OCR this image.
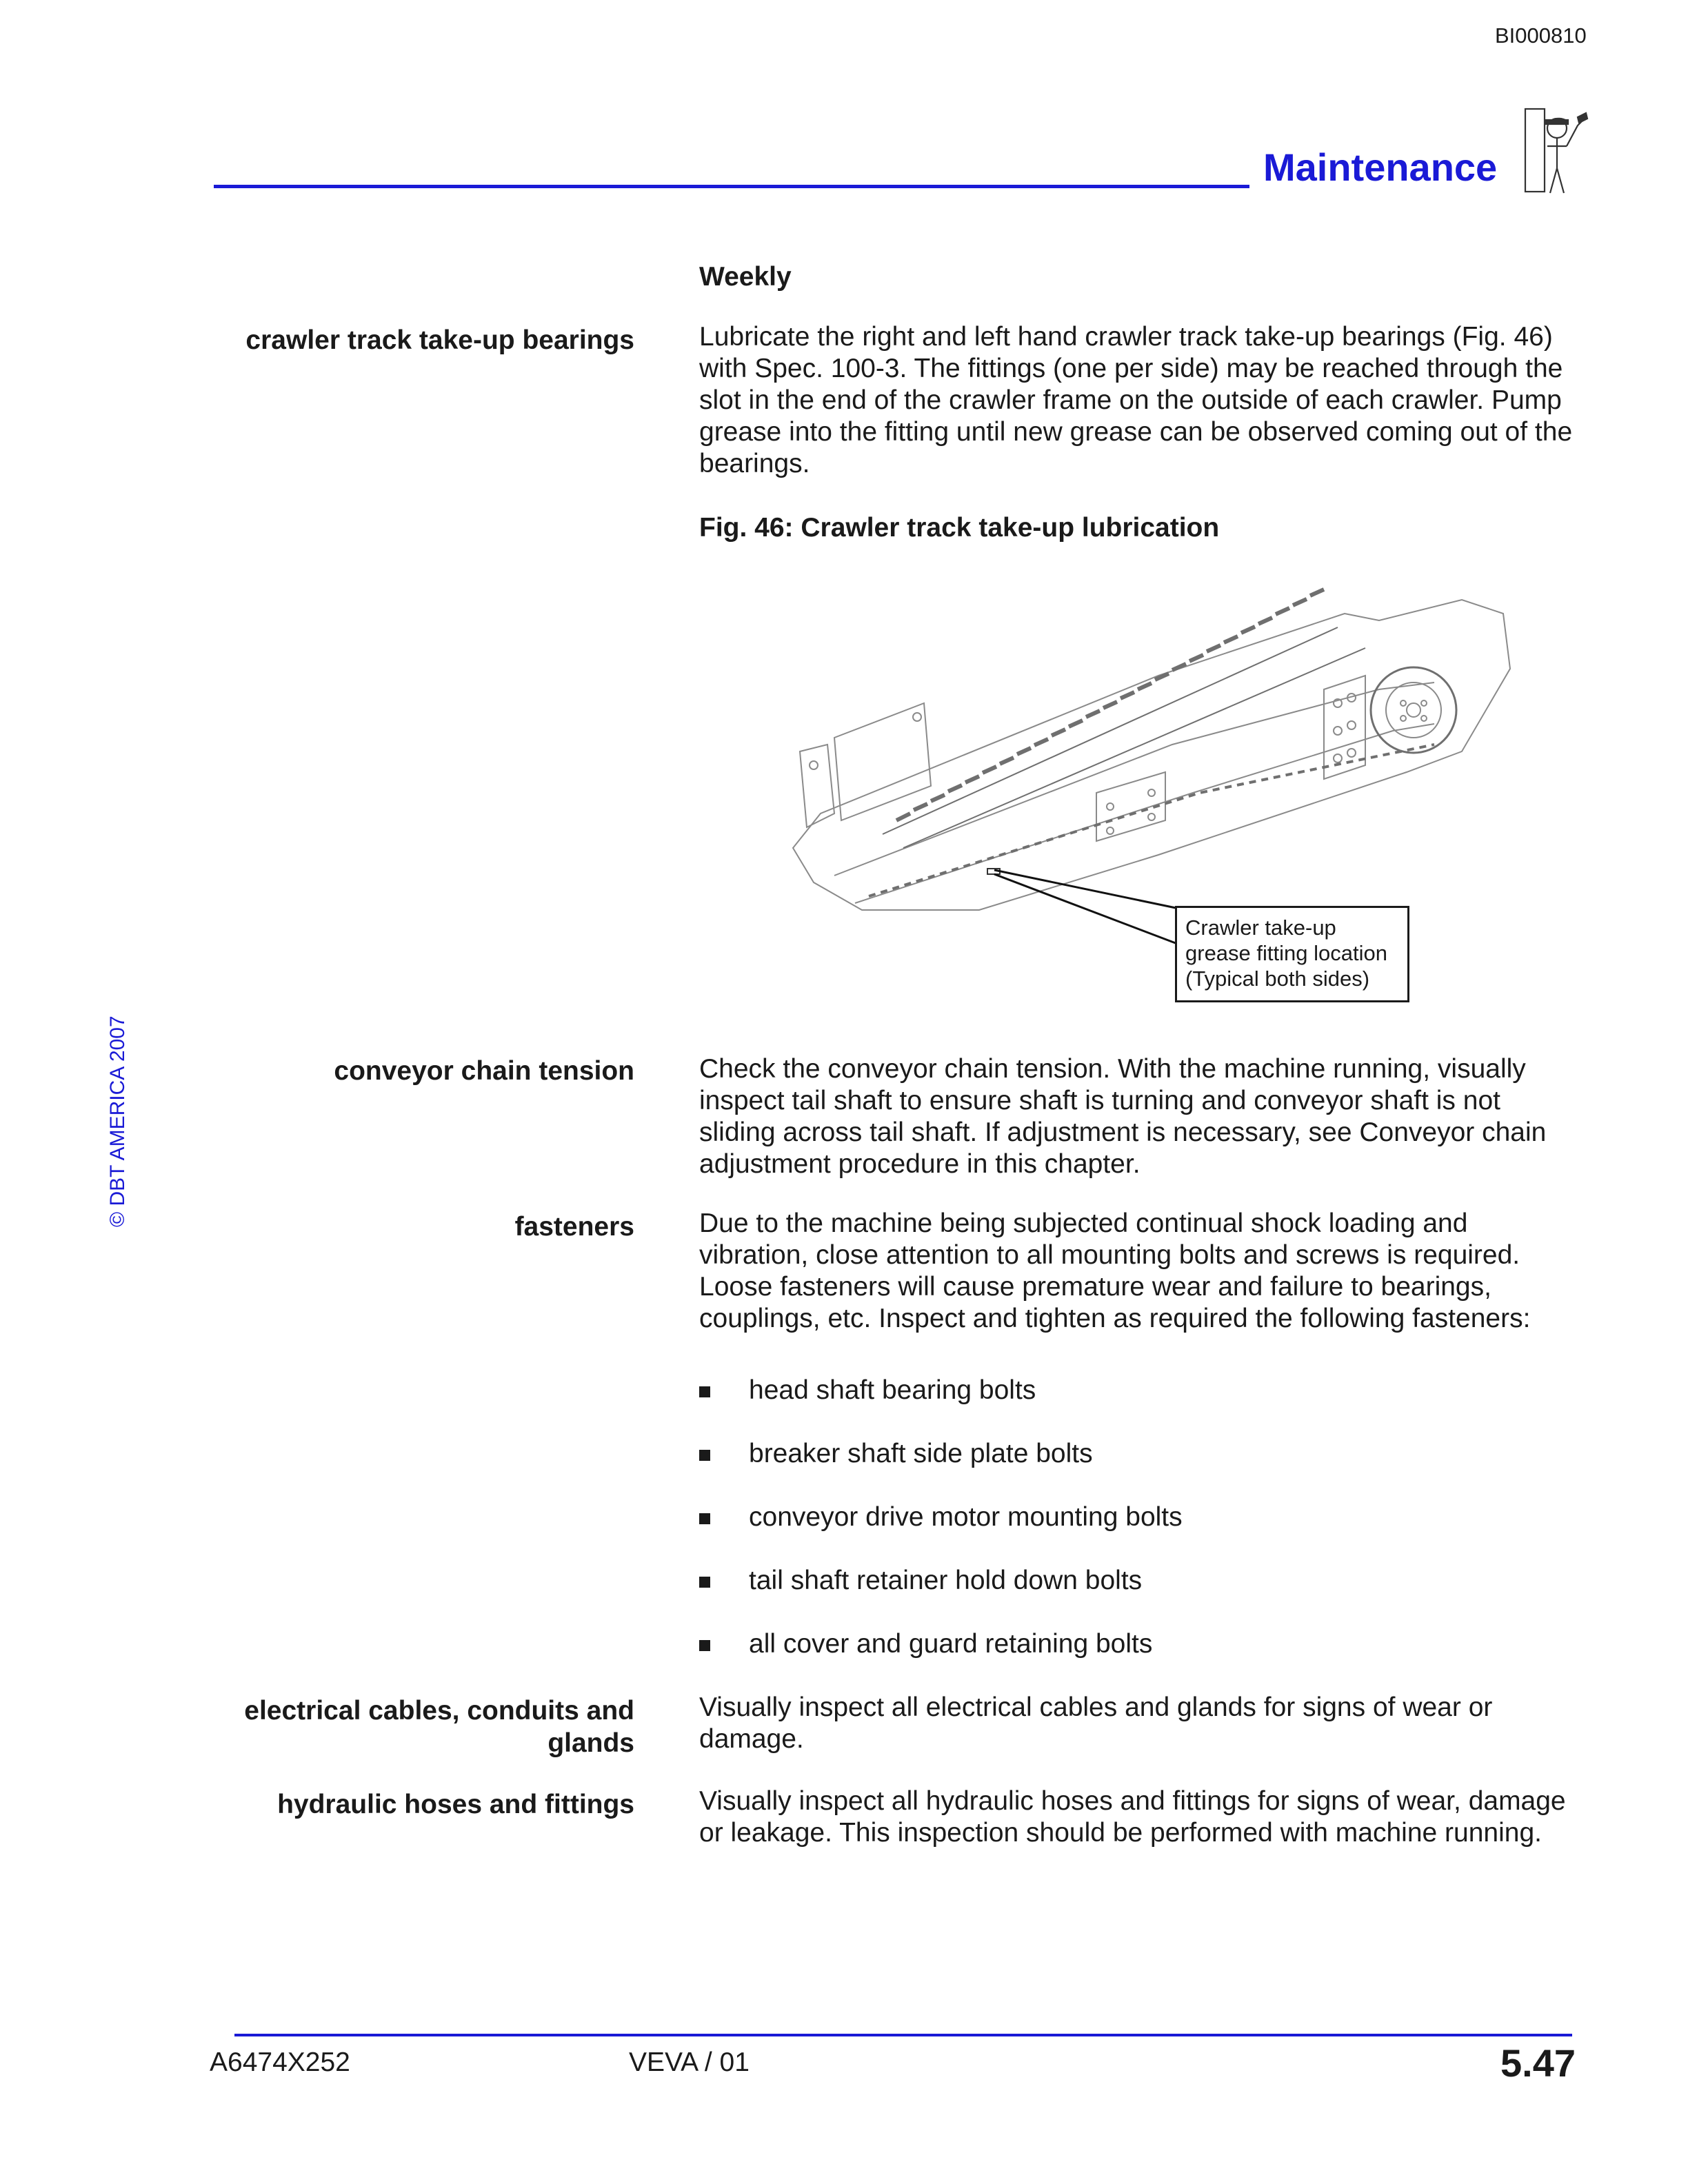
BI000810
Maintenance
© DBT AMERICA 2007
Weekly
crawler track take-up bearings Lubricate the right and left hand crawler track take-up bearings (Fig. 46) with Spec. 100-3. The fittings (one per side) may be reached through the slot in the end of the crawler frame on the outside of each crawler. Pump grease into the fitting until new grease can be observed coming out of the bearings.
Fig. 46: Crawler track take-up lubrication
Crawler take-up
grease fitting location
(Typical both sides)
conveyor chain tension Check the conveyor chain tension. With the machine running, visually inspect tail shaft to ensure shaft is turning and conveyor shaft is not sliding across tail shaft. If adjustment is necessary, see Conveyor chain adjustment procedure in this chapter.
fasteners Due to the machine being subjected continual shock loading and vibration, close attention to all mounting bolts and screws is required. Loose fasteners will cause premature wear and failure to bearings, couplings, etc. Inspect and tighten as required the following fasteners:
head shaft bearing bolts
breaker shaft side plate bolts
conveyor drive motor mounting bolts
tail shaft retainer hold down bolts
all cover and guard retaining bolts
electrical cables, conduits and
glands
Visually inspect all electrical cables and glands for signs of wear or damage.
hydraulic hoses and fittings Visually inspect all hydraulic hoses and fittings for signs of wear, damage or leakage. This inspection should be performed with machine running.
A6474X252	VEVA / 01	5.47
